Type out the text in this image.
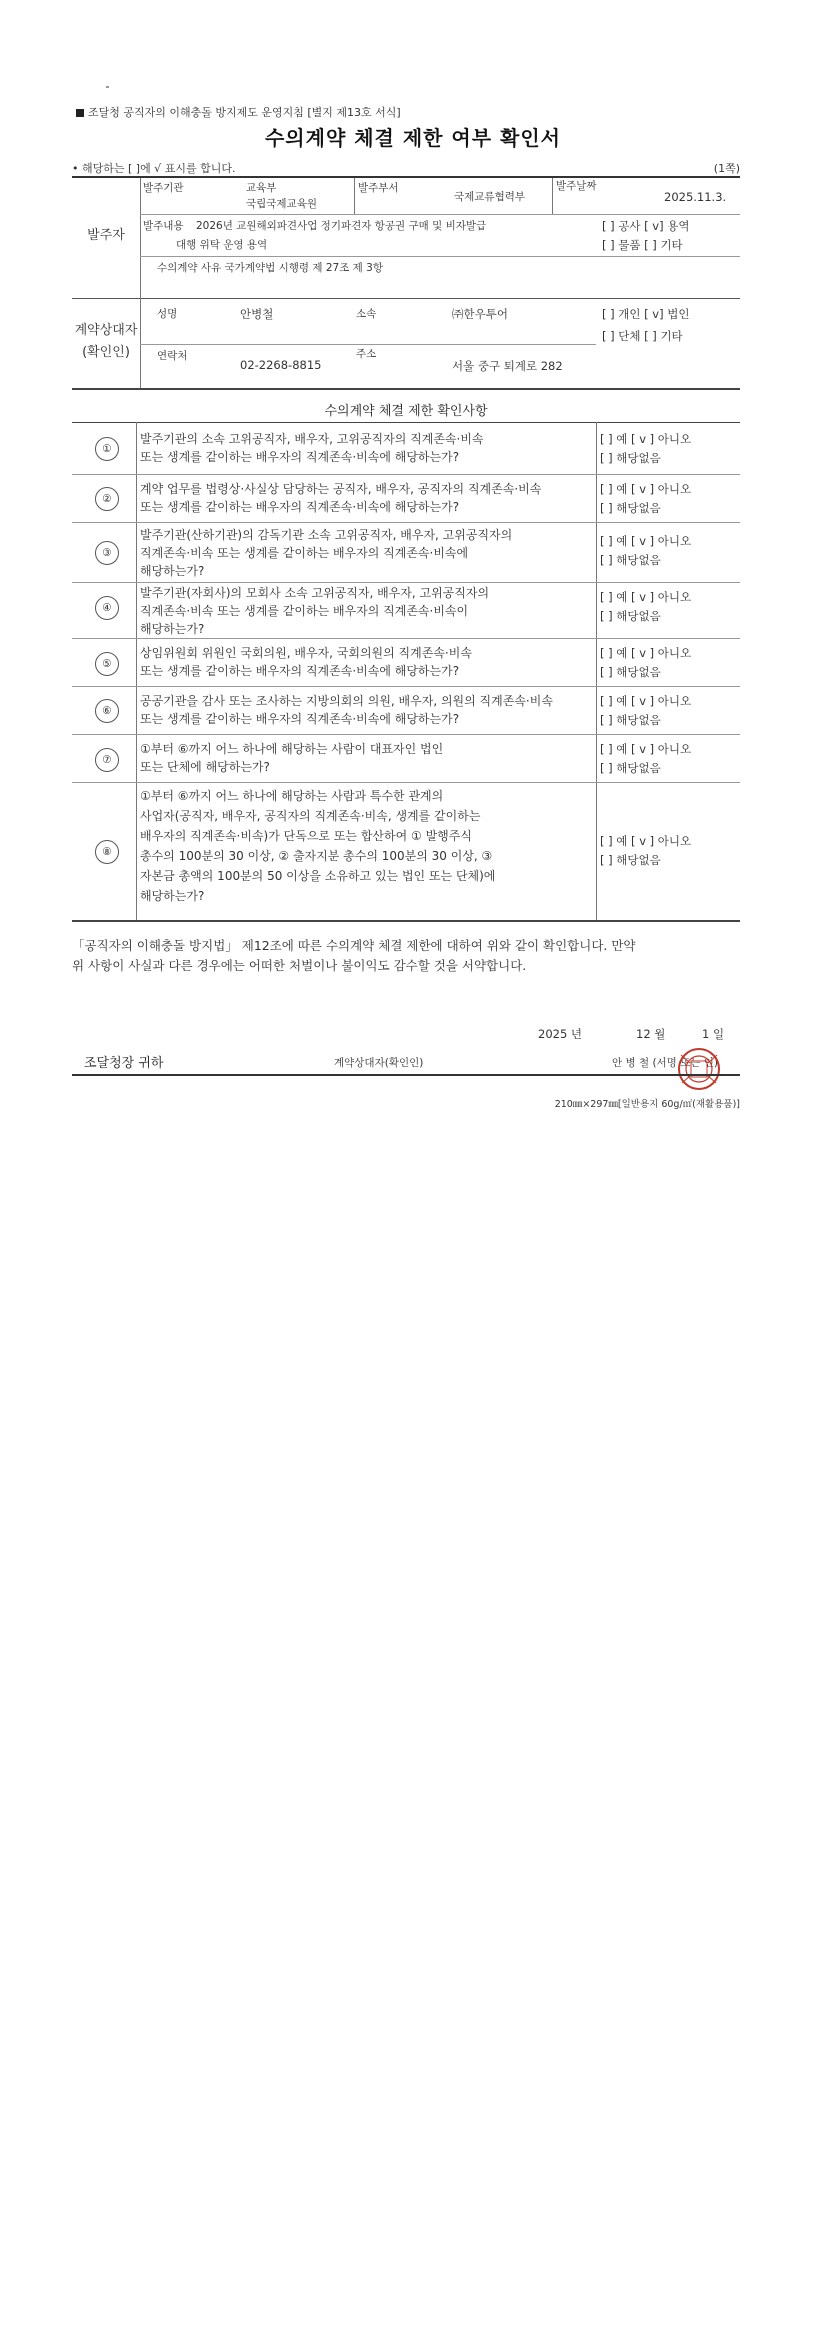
조달청 공직자의 이해충돌 방지제도 운영지침 [별지 제13호 서식]
수의계약 체결 제한 여부 확인서
• 해당하는 [ ]에 √ 표시를 합니다.	(1쪽)
발주자
발주기관	교육부
국립국제교육원
발주부서
국제교류협력부
발주날짜
2025.11.3.
발주내용 2026년 교원해외파견사업 정기파견자 항공권 구매 및 비자발급
대행 위탁 운영 용역
[ ] 공사 [ v] 용역
[ ] 물품 [ ] 기타
수의계약 사유 국가계약법 시행령 제 27조 제 3항
계약상대자
(확인인)
성명	안병철	소속	㈜한우투어	[ ] 개인 [ v] 법인
[ ] 단체 [ ] 기타
연락처
02-2268-8815
주소
서울 중구 퇴계로 282
수의계약 체결 제한 확인사항
①
발주기관의 소속 고위공직자, 배우자, 고위공직자의 직계존속·비속
또는 생계를 같이하는 배우자의 직계존속·비속에 해당하는가?
[ ] 예 [ v ] 아니오
[ ] 해당없음
②
계약 업무를 법령상·사실상 담당하는 공직자, 배우자, 공직자의 직계존속·비속
또는 생계를 같이하는 배우자의 직계존속·비속에 해당하는가?
[ ] 예 [ v ] 아니오
[ ] 해당없음
③
발주기관(산하기관)의 감독기관 소속 고위공직자, 배우자, 고위공직자의
직계존속·비속 또는 생계를 같이하는 배우자의 직계존속·비속에
해당하는가?
[ ] 예 [ v ] 아니오
[ ] 해당없음
④
발주기관(자회사)의 모회사 소속 고위공직자, 배우자, 고위공직자의
직계존속·비속 또는 생계를 같이하는 배우자의 직계존속·비속이
해당하는가?
[ ] 예 [ v ] 아니오
[ ] 해당없음
⑤
상임위원회 위원인 국회의원, 배우자, 국회의원의 직계존속·비속
또는 생계를 같이하는 배우자의 직계존속·비속에 해당하는가?
[ ] 예 [ v ] 아니오
[ ] 해당없음
⑥
공공기관을 감사 또는 조사하는 지방의회의 의원, 배우자, 의원의 직계존속·비속
또는 생계를 같이하는 배우자의 직계존속·비속에 해당하는가?
[ ] 예 [ v ] 아니오
[ ] 해당없음
⑦
①부터 ⑥까지 어느 하나에 해당하는 사람이 대표자인 법인
또는 단체에 해당하는가?
[ ] 예 [ v ] 아니오
[ ] 해당없음
⑧
①부터 ⑥까지 어느 하나에 해당하는 사람과 특수한 관계의
사업자(공직자, 배우자, 공직자의 직계존속·비속, 생계를 같이하는
배우자의 직계존속·비속)가 단독으로 또는 합산하여 ① 발행주식
총수의 100분의 30 이상, ② 출자지분 총수의 100분의 30 이상, ③
자본금 총액의 100분의 50 이상을 소유하고 있는 법인 또는 단체)에
해당하는가?
[ ] 예 [ v ] 아니오
[ ] 해당없음
「공직자의 이해충돌 방지법」 제12조에 따른 수의계약 체결 제한에 대하여 위와 같이 확인합니다. 만약
위 사항이 사실과 다른 경우에는 어떠한 처벌이나 불이익도 감수할 것을 서약합니다.
2025 년	12 월	1 일
조달청장 귀하	계약상대자(확인인)	안 병 철 (서명 또는 인)
210㎜×297㎜[일반용지 60g/㎡(재활용품)]
